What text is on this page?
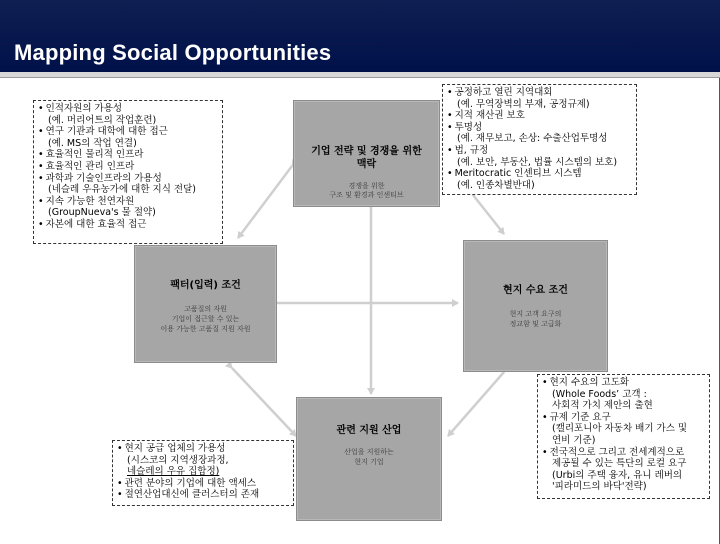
Mapping Social Opportunities
기업 전략 및 경쟁을 위한
맥락
경쟁을 위한
구조 및 환경과 인센티브
팩터(입력) 조건
고품질의 자원
기업이 접근할 수 있는
이용 가능한 고품질 지원 자원
현지 수요 조건
현지 고객 요구의
정교함 및 고급화
관련 지원 산업
산업을 지원하는
현지 기업
• 인적자원의 가용성
(예. 머리어트의 작업훈련)
• 연구 기관과 대학에 대한 접근
(예. MS의 작업 연결)
• 효율적인 물리적 인프라
• 효율적인 관리 인프라
• 과학과 기술인프라의 가용성
(네슬레 우유농가에 대한 지식 전달)
• 지속 가능한 천연자원
(GroupNueva's 물 절약)
• 자본에 대한 효율적 접근
• 공정하고 열린 지역대회
(예. 무역장벽의 부재, 공정규제)
• 지적 재산권 보호
• 투명성
(예. 재무보고, 손상: 수출산업투명성
• 법, 규정
(예. 보안, 부동산, 법률 시스템의 보호)
• Meritocratic 인센티브 시스템
(예. 인종차별반대)
• 현지 수요의 고도화
(Whole Foods’ 고객 :
사회적 가치 제안의 출현
• 규제 기준 요구
(캘리포니아 자동차 배기 가스 및
연비 기준)
• 전국적으로 그리고 전세계적으로
제공될 수 있는 특단의 로컬 요구
(Urbi의 주택 융자, 유니 레버의
'피라미드의 바닥'전략)
• 현지 공급 업체의 가용성
(시스코의 지역생장과정,
네슬레의 우유 집합정)
• 관련 분야의 기업에 대한 액세스
• 절연산업대신에 클러스터의 존재
